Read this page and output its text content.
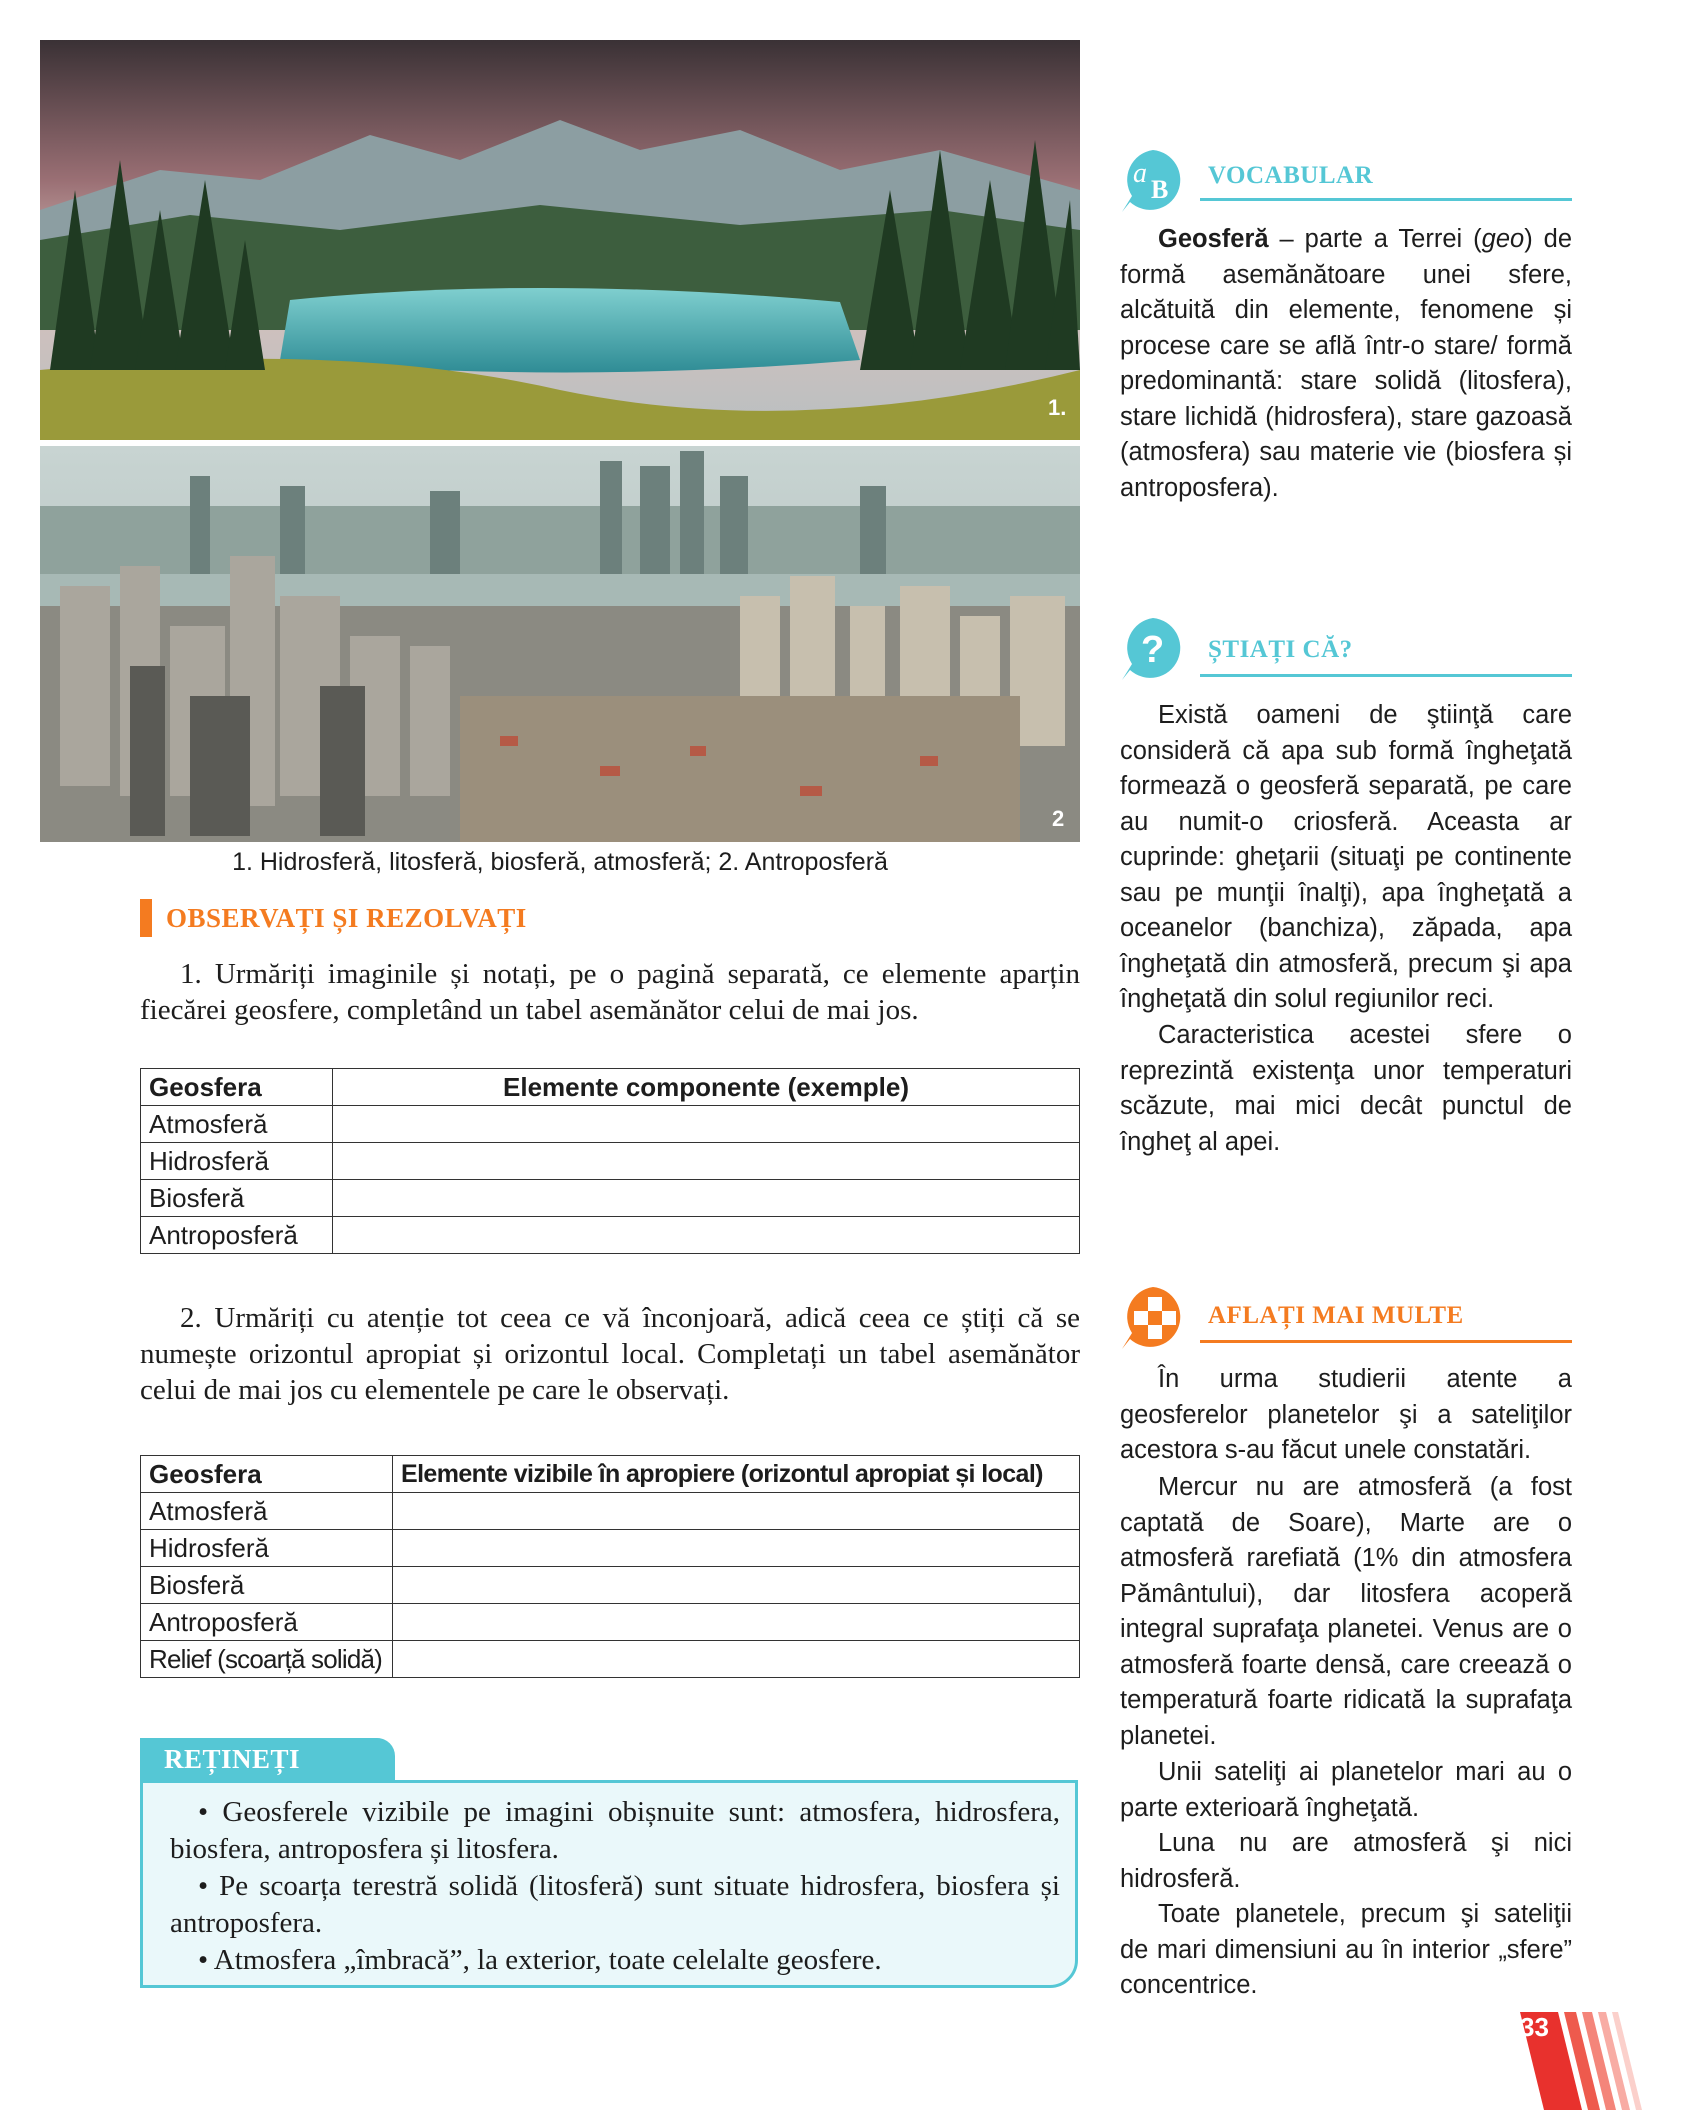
1.
2
1. Hidrosferă, litosferă, biosferă, atmosferă; 2. Antroposferă
OBSERVAȚI ȘI REZOLVAȚI
1. Urmăriți imaginile și notați, pe o pagină separată, ce elemente aparțin fiecărei geosfere, completând un tabel asemănător celui de mai jos.
Geosfera	Elemente componente (exemple)
Atmosferă	
Hidrosferă	
Biosferă	
Antroposferă	
2. Urmăriți cu atenție tot ceea ce vă înconjoară, adică ceea ce știți că se numește orizontul apropiat și orizontul local. Completați un tabel asemănător celui de mai jos cu elementele pe care le observați.
Geosfera	Elemente vizibile în apropiere (orizontul apropiat și local)
Atmosferă	
Hidrosferă	
Biosferă	
Antroposferă	
Relief (scoarță solidă)	
REȚINEȚI
• Geosferele vizibile pe imagini obișnuite sunt: atmosfera, hidrosfera, biosfera, antroposfera și litosfera.
• Pe scoarța terestră solidă (litosferă) sunt situate hidrosfera, biosfera și antroposfera.
• Atmosfera „îmbracă”, la exterior, toate celelalte geosfere.
a
B VOCABULAR
Geosferă – parte a Terrei (geo) de formă asemănătoare unei sfere, alcătuită din elemente, fenomene și procese care se află într-o stare/ formă predominantă: stare solidă (litosfera), stare lichidă (hidrosfera), stare gazoasă (atmosfera) sau materie vie (biosfera și antroposfera).
? ȘTIAȚI CĂ?
Există oameni de ştiinţă care consideră că apa sub formă îngheţată formează o geosferă separată, pe care au numit-o criosferă. Aceasta ar cuprinde: gheţarii (situaţi pe continente sau pe munţii înalţi), apa îngheţată a oceanelor (banchiza), zăpada, apa îngheţată din atmosferă, precum şi apa îngheţată din solul regiunilor reci.
Caracteristica acestei sfere o reprezintă existenţa unor temperaturi scăzute, mai mici decât punctul de îngheţ al apei.
AFLAȚI MAI MULTE
În urma studierii atente a geosferelor planetelor şi a sateliţilor acestora s-au făcut unele constatări.
Mercur nu are atmosferă (a fost captată de Soare), Marte are o atmosferă rarefiată (1% din atmosfera Pământului), dar litosfera acoperă integral suprafaţa planetei. Venus are o atmosferă foarte densă, care creează o temperatură foarte ridicată la suprafaţa planetei.
Unii sateliţi ai planetelor mari au o parte exterioară îngheţată.
Luna nu are atmosferă şi nici hidrosferă.
Toate planetele, precum şi sateliţii de mari dimensiuni au în interior „sfere” concentrice.
33
